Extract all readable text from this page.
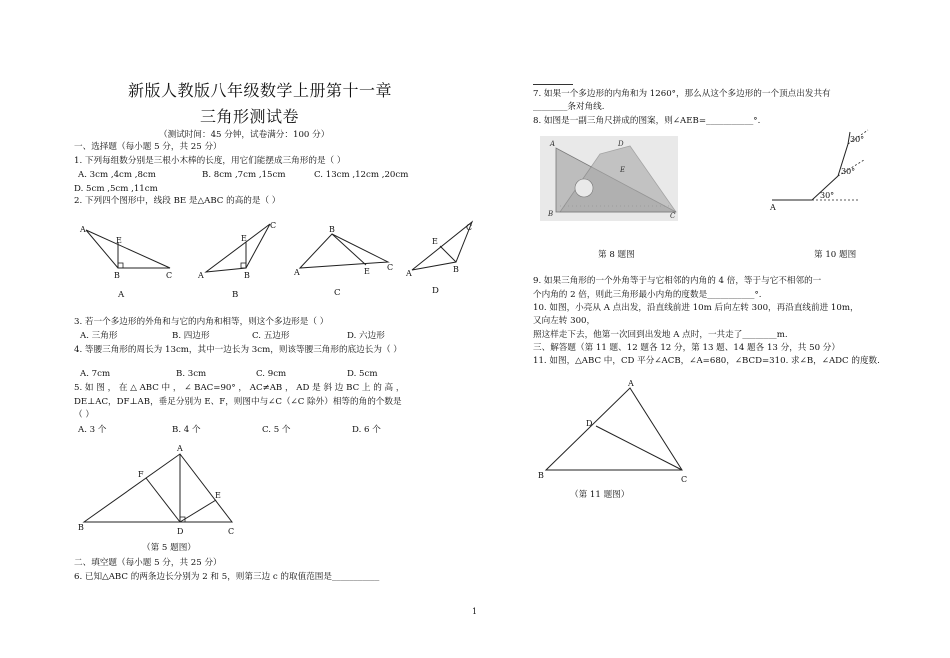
新版人教版八年级数学上册第十一章
三角形测试卷
（测试时间：45 分钟，试卷满分：100 分）
一、选择题（每小题 5 分，共 25 分）
1. 下列每组数分别是三根小木棒的长度，用它们能摆成三角形的是（ ）
A. 3cm ,4cm ,8cm	B. 8cm ,7cm ,15cm	C. 13cm ,12cm ,20cm
D. 5cm ,5cm ,11cm
2. 下列四个图形中，线段 BE 是△ABC 的高的是（ ）
A
E
B	C	A
E
B
C
A
B
E C
A
E
B
C
A	B	C	D
3. 若一个多边形的外角和与它的内角和相等，则这个多边形是（ ）
A. 三角形	B. 四边形	C. 五边形	D. 六边形
4. 等腰三角形的周长为 13cm，其中一边长为 3cm，则该等腰三角形的底边长为（ ）
A. 7cm	B. 3cm	C. 9cm	D. 5cm
5. 如 图 ， 在 △ ABC 中 ， ∠ BAC=90° ， AC≠AB ， AD 是 斜 边 BC 上 的 高 ，
DE⊥AC，DF⊥AB，垂足分别为 E、F，则图中与∠C（∠C 除外）相等的角的个数是
（ ）
A. 3 个	B. 4 个	C. 5 个	D. 6 个
A
B	C
D
F
E
（第 5 题图）
二、填空题（每小题 5 分，共 25 分）
6. 已知△ABC 的两条边长分别为 2 和 5，则第三边 c 的取值范围是___________
7. 如果一个多边形的内角和为 1260°，那么从这个多边形的一个顶点出发共有
________条对角线.
8. 如图是一副三角尺拼成的图案，则∠AEB=___________°.
A	D
E
B	C
A
30°
30°
30°
第 8 题图	第 10 题图
9. 如果三角形的一个外角等于与它相邻的内角的 4 倍，等于与它不相邻的一
个内角的 2 倍，则此三角形最小内角的度数是___________°.
10. 如图，小亮从 A 点出发，沿直线前进 10m 后向左转 300，再沿直线前进 10m，
又向左转 300，
照这样走下去，他第一次回到出发地 A 点时，一共走了________m.
三、解答题（第 11 题、12 题各 12 分，第 13 题、14 题各 13 分，共 50 分）
11. 如图，△ABC 中，CD 平分∠ACB，∠A=680，∠BCD=310. 求∠B，∠ADC 的度数.
A
B	C
D
（第 11 题图）
1
